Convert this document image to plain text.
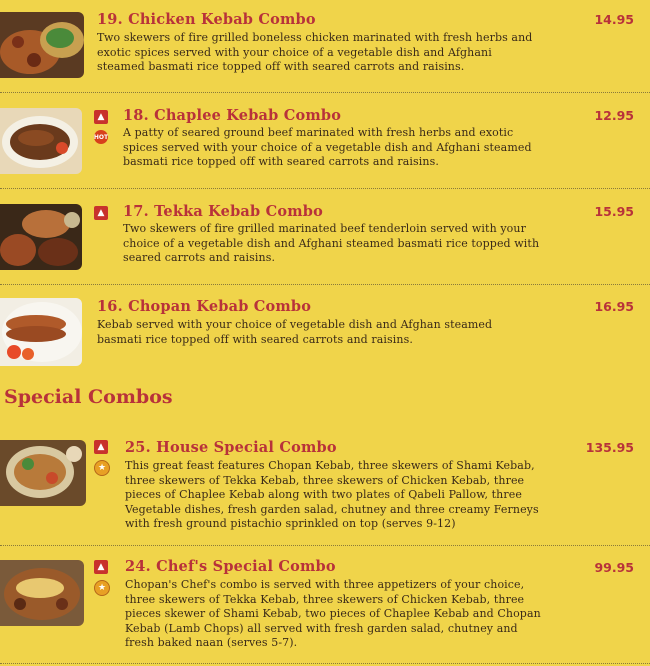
19. Chicken Kebab Combo
Two skewers of fire grilled boneless chicken marinated with fresh herbs and exotic spices served with your choice of a vegetable dish and Afghani steamed basmati rice topped off with seared carrots and raisins.
14.95
▲
HOT
18. Chaplee Kebab Combo
A patty of seared ground beef marinated with fresh herbs and exotic spices served with your choice of a vegetable dish and Afghani steamed basmati rice topped off with seared carrots and raisins.
12.95
▲ 17. Tekka Kebab Combo
Two skewers of fire grilled marinated beef tenderloin served with your choice of a vegetable dish and Afghani steamed basmati rice topped with seared carrots and raisins.
15.95
16. Chopan Kebab Combo
Kebab served with your choice of vegetable dish and Afghan steamed basmati rice topped off with seared carrots and raisins.
16.95
Special Combos
▲
★
25. House Special Combo
This great feast features Chopan Kebab, three skewers of Shami Kebab, three skewers of Tekka Kebab, three skewers of Chicken Kebab, three pieces of Chaplee Kebab along with two plates of Qabeli Pallow, three Vegetable dishes, fresh garden salad, chutney and three creamy Ferneys with fresh ground pistachio sprinkled on top (serves 9-12)
135.95
▲
★
24. Chef's Special Combo
Chopan's Chef's combo is served with three appetizers of your choice, three skewers of Tekka Kebab, three skewers of Chicken Kebab, three pieces skewer of Shami Kebab, two pieces of Chaplee Kebab and Chopan Kebab (Lamb Chops) all served with fresh garden salad, chutney and fresh baked naan (serves 5-7).
99.95
